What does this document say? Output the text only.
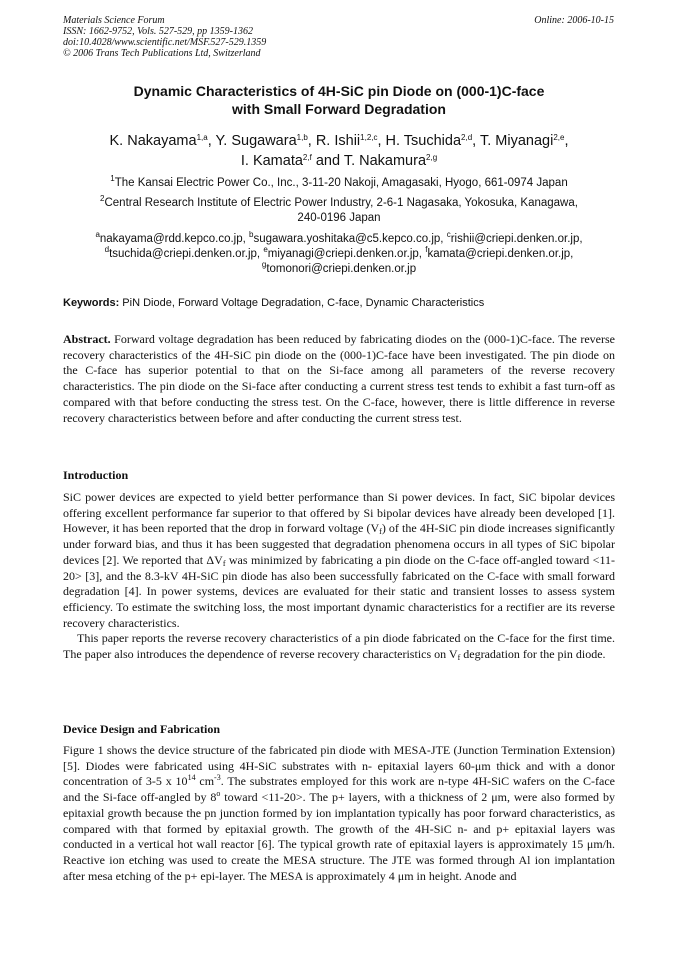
Materials Science Forum
ISSN: 1662-9752, Vols. 527-529, pp 1359-1362
doi:10.4028/www.scientific.net/MSF.527-529.1359
© 2006 Trans Tech Publications Ltd, Switzerland
Online: 2006-10-15
Dynamic Characteristics of 4H-SiC pin Diode on (000-1)C-face
with Small Forward Degradation
K. Nakayama$^{1,a}$, Y. Sugawara$^{1,b}$, R. Ishii$^{1,2,c}$, H. Tsuchida$^{2,d}$, T. Miyanagi$^{2,e}$,
I. Kamata$^{2,f}$ and T. Nakamura$^{2,g}$
$^1$The Kansai Electric Power Co., Inc., 3-11-20 Nakoji, Amagasaki, Hyogo, 661-0974 Japan
$^2$Central Research Institute of Electric Power Industry, 2-6-1 Nagasaka, Yokosuka, Kanagawa,
240-0196 Japan
$^a$nakayama@rdd.kepco.co.jp, $^b$sugawara.yoshitaka@c5.kepco.co.jp, $^c$rishii@criepi.denken.or.jp,
$^d$tsuchida@criepi.denken.or.jp, $^e$miyanagi@criepi.denken.or.jp, $^f$kamata@criepi.denken.or.jp,
$^g$tomonori@criepi.denken.or.jp
Keywords: PiN Diode, Forward Voltage Degradation, C-face, Dynamic Characteristics
Abstract. Forward voltage degradation has been reduced by fabricating diodes on the (000-1)C-face. The reverse recovery characteristics of the 4H-SiC pin diode on the (000-1)C-face have been investigated. The pin diode on the C-face has superior potential to that on the Si-face among all parameters of the reverse recovery characteristics. The pin diode on the Si-face after conducting a current stress test tends to exhibit a fast turn-off as compared with that before conducting the stress test. On the C-face, however, there is little difference in reverse recovery characteristics between before and after conducting the current stress test.
Introduction
SiC power devices are expected to yield better performance than Si power devices. In fact, SiC bipolar devices offering excellent performance far superior to that offered by Si bipolar devices have already been developed [1]. However, it has been reported that the drop in forward voltage $(V_f)$ of the 4H-SiC pin diode increases significantly under forward bias, and thus it has been suggested that degradation phenomena occurs in all types of SiC bipolar devices [2]. We reported that $\Delta V_f$ was minimized by fabricating a pin diode on the C-face off-angled toward <11-20> [3], and the 8.3-kV 4H-SiC pin diode has also been successfully fabricated on the C-face with small forward degradation [4]. In power systems, devices are evaluated for their static and transient losses to assess system efficiency. To estimate the switching loss, the most important dynamic characteristics for a rectifier are its reverse recovery characteristics.
This paper reports the reverse recovery characteristics of a pin diode fabricated on the C-face for the first time. The paper also introduces the dependence of reverse recovery characteristics on $V_f$ degradation for the pin diode.
Device Design and Fabrication
Figure 1 shows the device structure of the fabricated pin diode with MESA-JTE (Junction Termination Extension) [5]. Diodes were fabricated using 4H-SiC substrates with n- epitaxial layers 60-μm thick and with a donor concentration of 3-5 x $10^{14}$ $cm^{-3}$. The substrates employed for this work are n-type 4H-SiC wafers on the C-face and the Si-face off-angled by 8$^o$ toward <11-20>. The p+ layers, with a thickness of 2 μm, were also formed by epitaxial growth because the pn junction formed by ion implantation typically has poor forward characteristics, as compared with that formed by epitaxial growth. The growth of the 4H-SiC n- and p+ epitaxial layers was conducted in a vertical hot wall reactor [6]. The typical growth rate of epitaxial layers is approximately 15 μm/h. Reactive ion etching was used to create the MESA structure. The JTE was formed through Al ion implantation after mesa etching of the p+ epi-layer. The MESA is approximately 4 μm in height. Anode and
